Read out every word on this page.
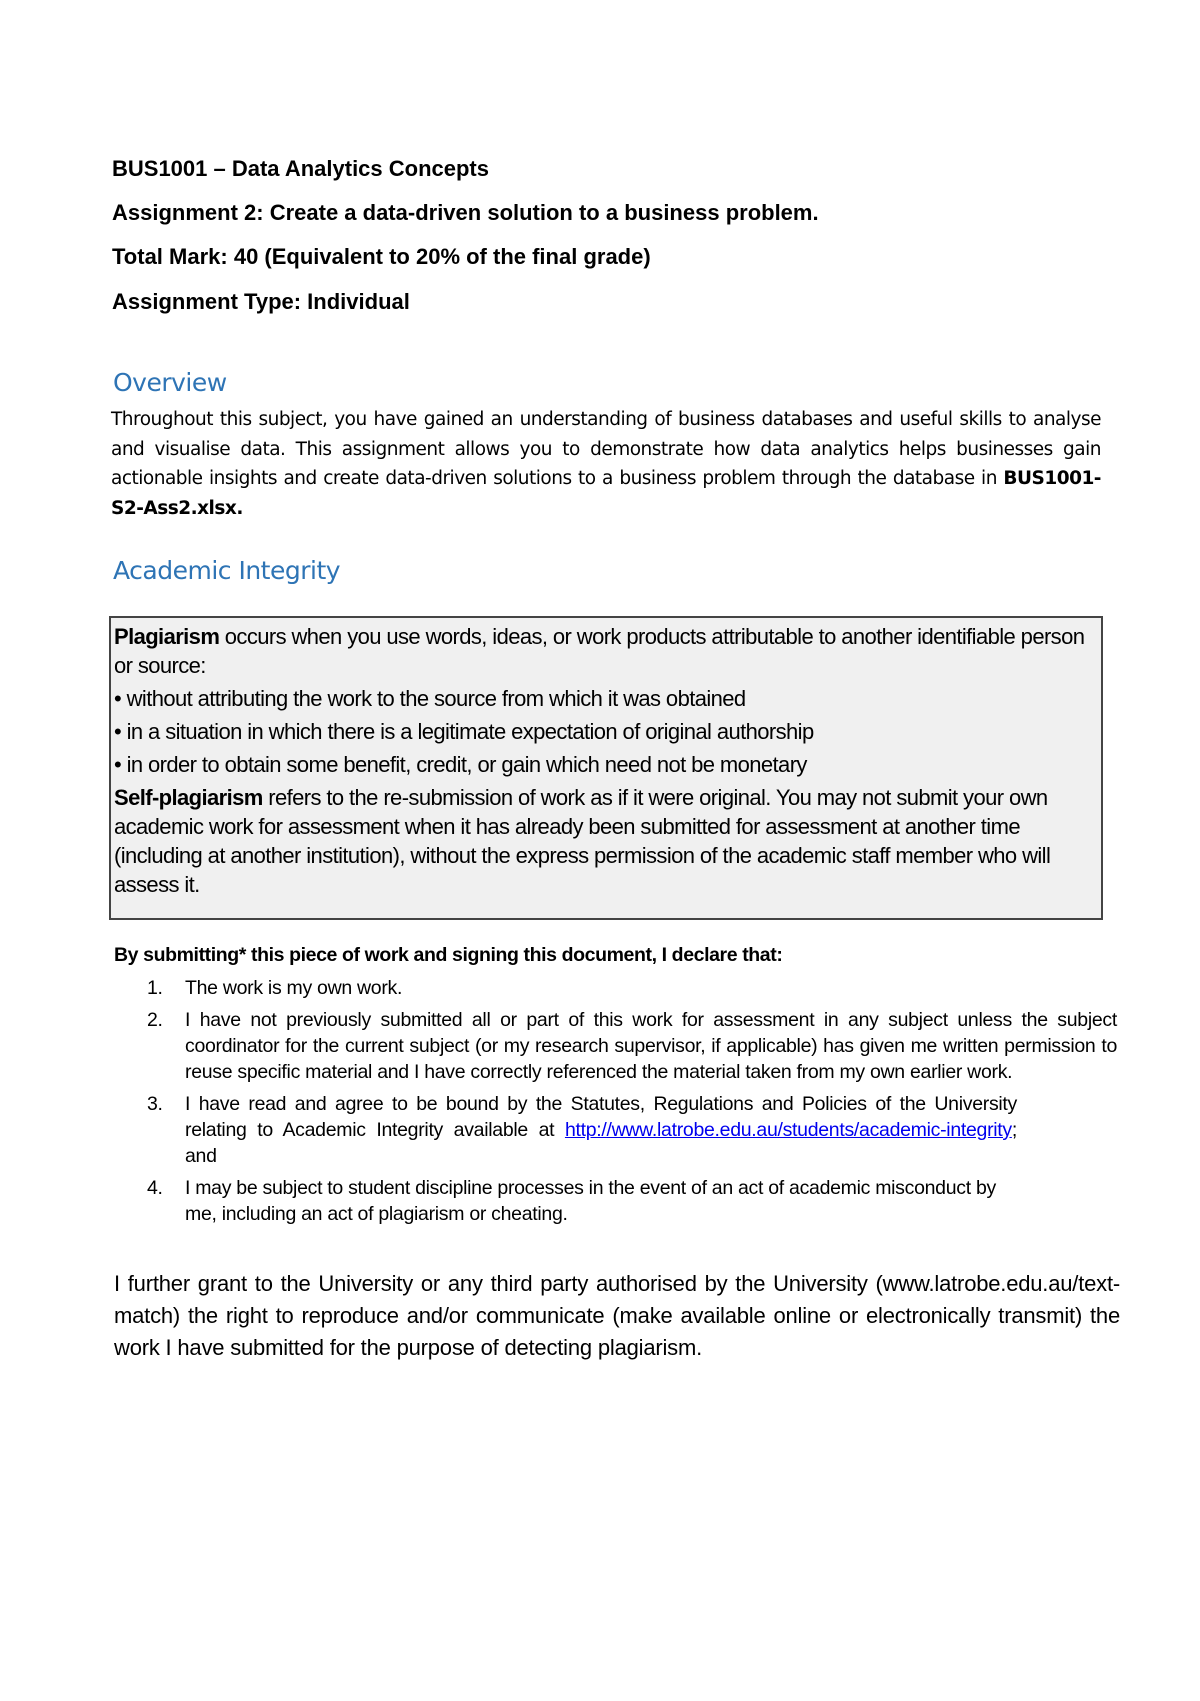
BUS1001 – Data Analytics Concepts
Assignment 2: Create a data-driven solution to a business problem.
Total Mark: 40 (Equivalent to 20% of the final grade)
Assignment Type: Individual
Overview
Throughout this subject, you have gained an understanding of business databases and useful skills to analyse and visualise data. This assignment allows you to demonstrate how data analytics helps businesses gain actionable insights and create data-driven solutions to a business problem through the database in BUS1001-S2-Ass2.xlsx.
Academic Integrity

Plagiarism occurs when you use words, ideas, or work products attributable to another identifiable person or source:

• without attributing the work to the source from which it was obtained

• in a situation in which there is a legitimate expectation of original authorship

• in order to obtain some benefit, credit, or gain which need not be monetary

Self-plagiarism refers to the re-submission of work as if it were original. You may not submit your own academic work for assessment when it has already been submitted for assessment at another time (including at another institution), without the express permission of the academic staff member who will assess it.

By submitting* this piece of work and signing this document, I declare that:
1. The work is my own work.
2. I have not previously submitted all or part of this work for assessment in any subject unless the subject coordinator for the current subject (or my research supervisor, if applicable) has given me written permission to reuse specific material and I have correctly referenced the material taken from my own earlier work.
3. I have read and agree to be bound by the Statutes, Regulations and Policies of the University relating to Academic Integrity available at http://www.latrobe.edu.au/students/academic-integrity; and
4. I may be subject to student discipline processes in the event of an act of academic misconduct by me, including an act of plagiarism or cheating.
I further grant to the University or any third party authorised by the University (www.latrobe.edu.au/text-match) the right to reproduce and/or communicate (make available online or electronically transmit) the work I have submitted for the purpose of detecting plagiarism.
